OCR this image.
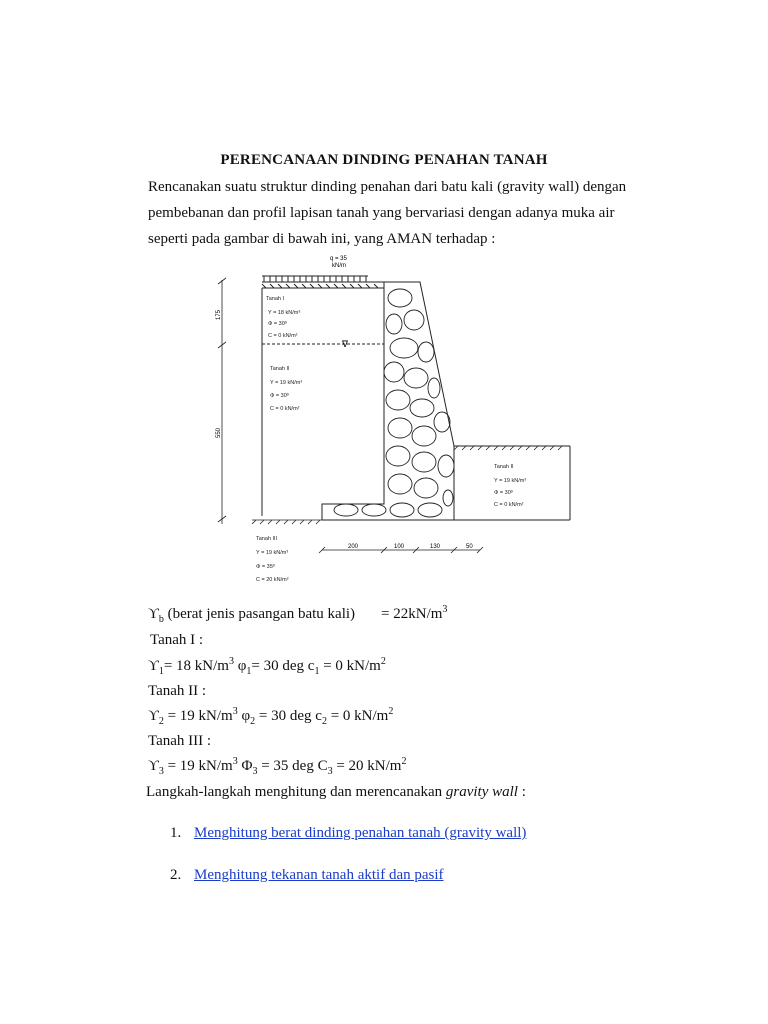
PERENCANAAN DINDING PENAHAN TANAH
Rencanakan suatu struktur dinding penahan dari batu kali (gravity wall) dengan
pembebanan dan profil lapisan tanah yang bervariasi dengan adanya muka air
seperti pada gambar di bawah ini, yang AMAN terhadap :
q = 35
kN/m
∇
175
550
200	100	130	50
Tanah I
Y = 18 kN/m³
Φ = 30º
C = 0 kN/m²
Tanah II
Y = 19 kN/m³
Φ = 30º
C = 0 kN/m²
Tanah II
Y = 19 kN/m³
Φ = 30º
C = 0 kN/m²
Tanah III
Y = 19 kN/m³
Φ = 35º
C = 20 kN/m²
$ϒ_b$ (berat jenis pasangan batu kali) = $22kN/m^3$
Tanah I :
$ϒ_1= 18$ $kN/m^3$ $\varphi_1= 30$ deg $c_1 = 0$ $kN/m^2$
Tanah II :
$ϒ_2 = 19$ $kN/m^3$ $\varphi_2 = 30$ deg $c_2 = 0$ $kN/m^2$
Tanah III :
$ϒ_3 = 19$ $kN/m^3$ $\Phi_3 = 35$ deg $C_3 = 20$ $kN/m^2$
Langkah-langkah menghitung dan merencanakan gravity wall :
1. Menghitung berat dinding penahan tanah (gravity wall)
2. Menghitung tekanan tanah aktif dan pasif
